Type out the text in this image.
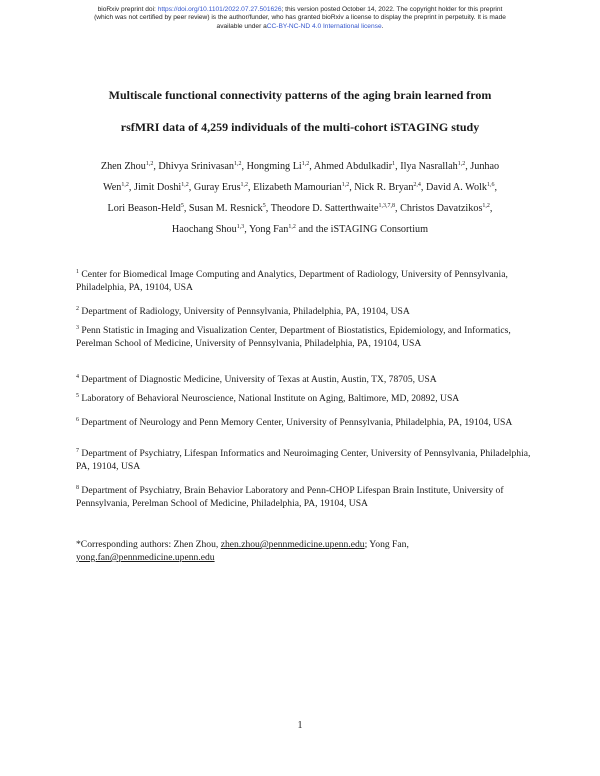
bioRxiv preprint doi: https://doi.org/10.1101/2022.07.27.501626; this version posted October 14, 2022. The copyright holder for this preprint
(which was not certified by peer review) is the author/funder, who has granted bioRxiv a license to display the preprint in perpetuity. It is made
available under aCC-BY-NC-ND 4.0 International license.
Multiscale functional connectivity patterns of the aging brain learned from
rsfMRI data of 4,259 individuals of the multi-cohort iSTAGING study
Zhen Zhou$^{1,2}$, Dhivya Srinivasan$^{1,2}$, Hongming Li$^{1,2}$, Ahmed Abdulkadir$^1$, Ilya Nasrallah$^{1,2}$, Junhao
Wen$^{1,2}$, Jimit Doshi$^{1,2}$, Guray Erus$^{1,2}$, Elizabeth Mamourian$^{1,2}$, Nick R. Bryan$^{2,4}$, David A. Wolk$^{1,6}$,
Lori Beason-Held$^5$, Susan M. Resnick$^5$, Theodore D. Satterthwaite$^{1,3,7,8}$, Christos Davatzikos$^{1,2}$,
Haochang Shou$^{1,3}$, Yong Fan$^{1,2}$ and the iSTAGING Consortium
$^1$ Center for Biomedical Image Computing and Analytics, Department of Radiology, University of Pennsylvania, Philadelphia, PA, 19104, USA
$^2$ Department of Radiology, University of Pennsylvania, Philadelphia, PA, 19104, USA
$^3$ Penn Statistic in Imaging and Visualization Center, Department of Biostatistics, Epidemiology, and Informatics, Perelman School of Medicine, University of Pennsylvania, Philadelphia, PA, 19104, USA
$^4$ Department of Diagnostic Medicine, University of Texas at Austin, Austin, TX, 78705, USA
$^5$ Laboratory of Behavioral Neuroscience, National Institute on Aging, Baltimore, MD, 20892, USA
$^6$ Department of Neurology and Penn Memory Center, University of Pennsylvania, Philadelphia, PA, 19104, USA
$^7$ Department of Psychiatry, Lifespan Informatics and Neuroimaging Center, University of Pennsylvania, Philadelphia, PA, 19104, USA
$^8$ Department of Psychiatry, Brain Behavior Laboratory and Penn-CHOP Lifespan Brain Institute, University of Pennsylvania, Perelman School of Medicine, Philadelphia, PA, 19104, USA
*Corresponding authors: Zhen Zhou, zhen.zhou@pennmedicine.upenn.edu; Yong Fan, yong.fan@pennmedicine.upenn.edu
1
